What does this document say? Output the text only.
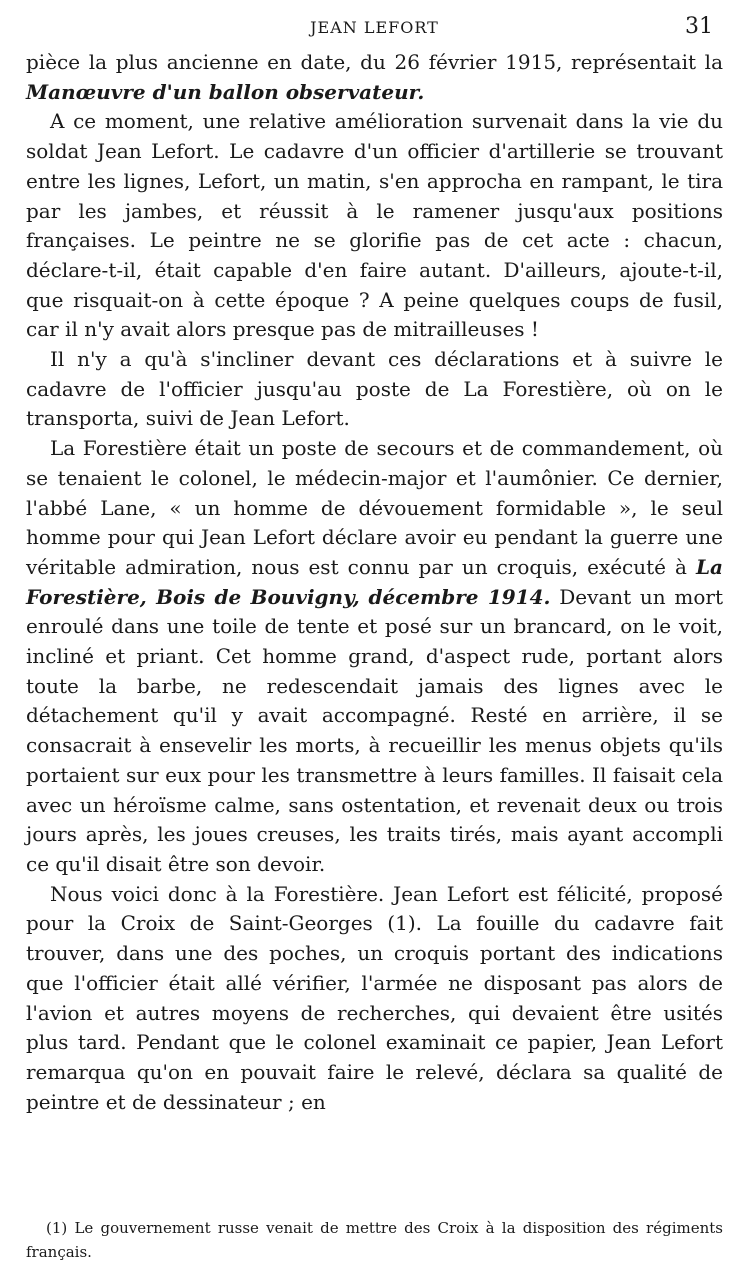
JEAN LEFORT	31

pièce la plus ancienne en date, du 26 février 1915, représentait la Manœuvre d'un ballon observateur.

A ce moment, une relative amélioration survenait dans la vie du soldat Jean Lefort. Le cadavre d'un officier d'artillerie se trouvant entre les lignes, Lefort, un matin, s'en approcha en rampant, le tira par les jambes, et réussit à le ramener jusqu'aux positions françaises. Le peintre ne se glorifie pas de cet acte : chacun, déclare-t-il, était capable d'en faire autant. D'ailleurs, ajoute-t-il, que risquait-on à cette époque ? A peine quelques coups de fusil, car il n'y avait alors presque pas de mitrailleuses !

Il n'y a qu'à s'incliner devant ces déclarations et à suivre le cadavre de l'officier jusqu'au poste de La Forestière, où on le transporta, suivi de Jean Lefort.

La Forestière était un poste de secours et de commandement, où se tenaient le colonel, le médecin-major et l'aumônier. Ce dernier, l'abbé Lane, « un homme de dévouement formidable », le seul homme pour qui Jean Lefort déclare avoir eu pendant la guerre une véritable admiration, nous est connu par un croquis, exécuté à La Forestière, Bois de Bouvigny, décembre 1914. Devant un mort enroulé dans une toile de tente et posé sur un brancard, on le voit, incliné et priant. Cet homme grand, d'aspect rude, portant alors toute la barbe, ne redescendait jamais des lignes avec le détachement qu'il y avait accompagné. Resté en arrière, il se consacrait à ensevelir les morts, à recueillir les menus objets qu'ils portaient sur eux pour les transmettre à leurs familles. Il faisait cela avec un héroïsme calme, sans ostentation, et revenait deux ou trois jours après, les joues creuses, les traits tirés, mais ayant accompli ce qu'il disait être son devoir.

Nous voici donc à la Forestière. Jean Lefort est félicité, proposé pour la Croix de Saint-Georges (1). La fouille du cadavre fait trouver, dans une des poches, un croquis portant des indications que l'officier était allé vérifier, l'armée ne disposant pas alors de l'avion et autres moyens de recherches, qui devaient être usités plus tard. Pendant que le colonel examinait ce papier, Jean Lefort remarqua qu'on en pouvait faire le relevé, déclara sa qualité de peintre et de dessinateur ; en

(1) Le gouvernement russe venait de mettre des Croix à la disposition des régiments français.
